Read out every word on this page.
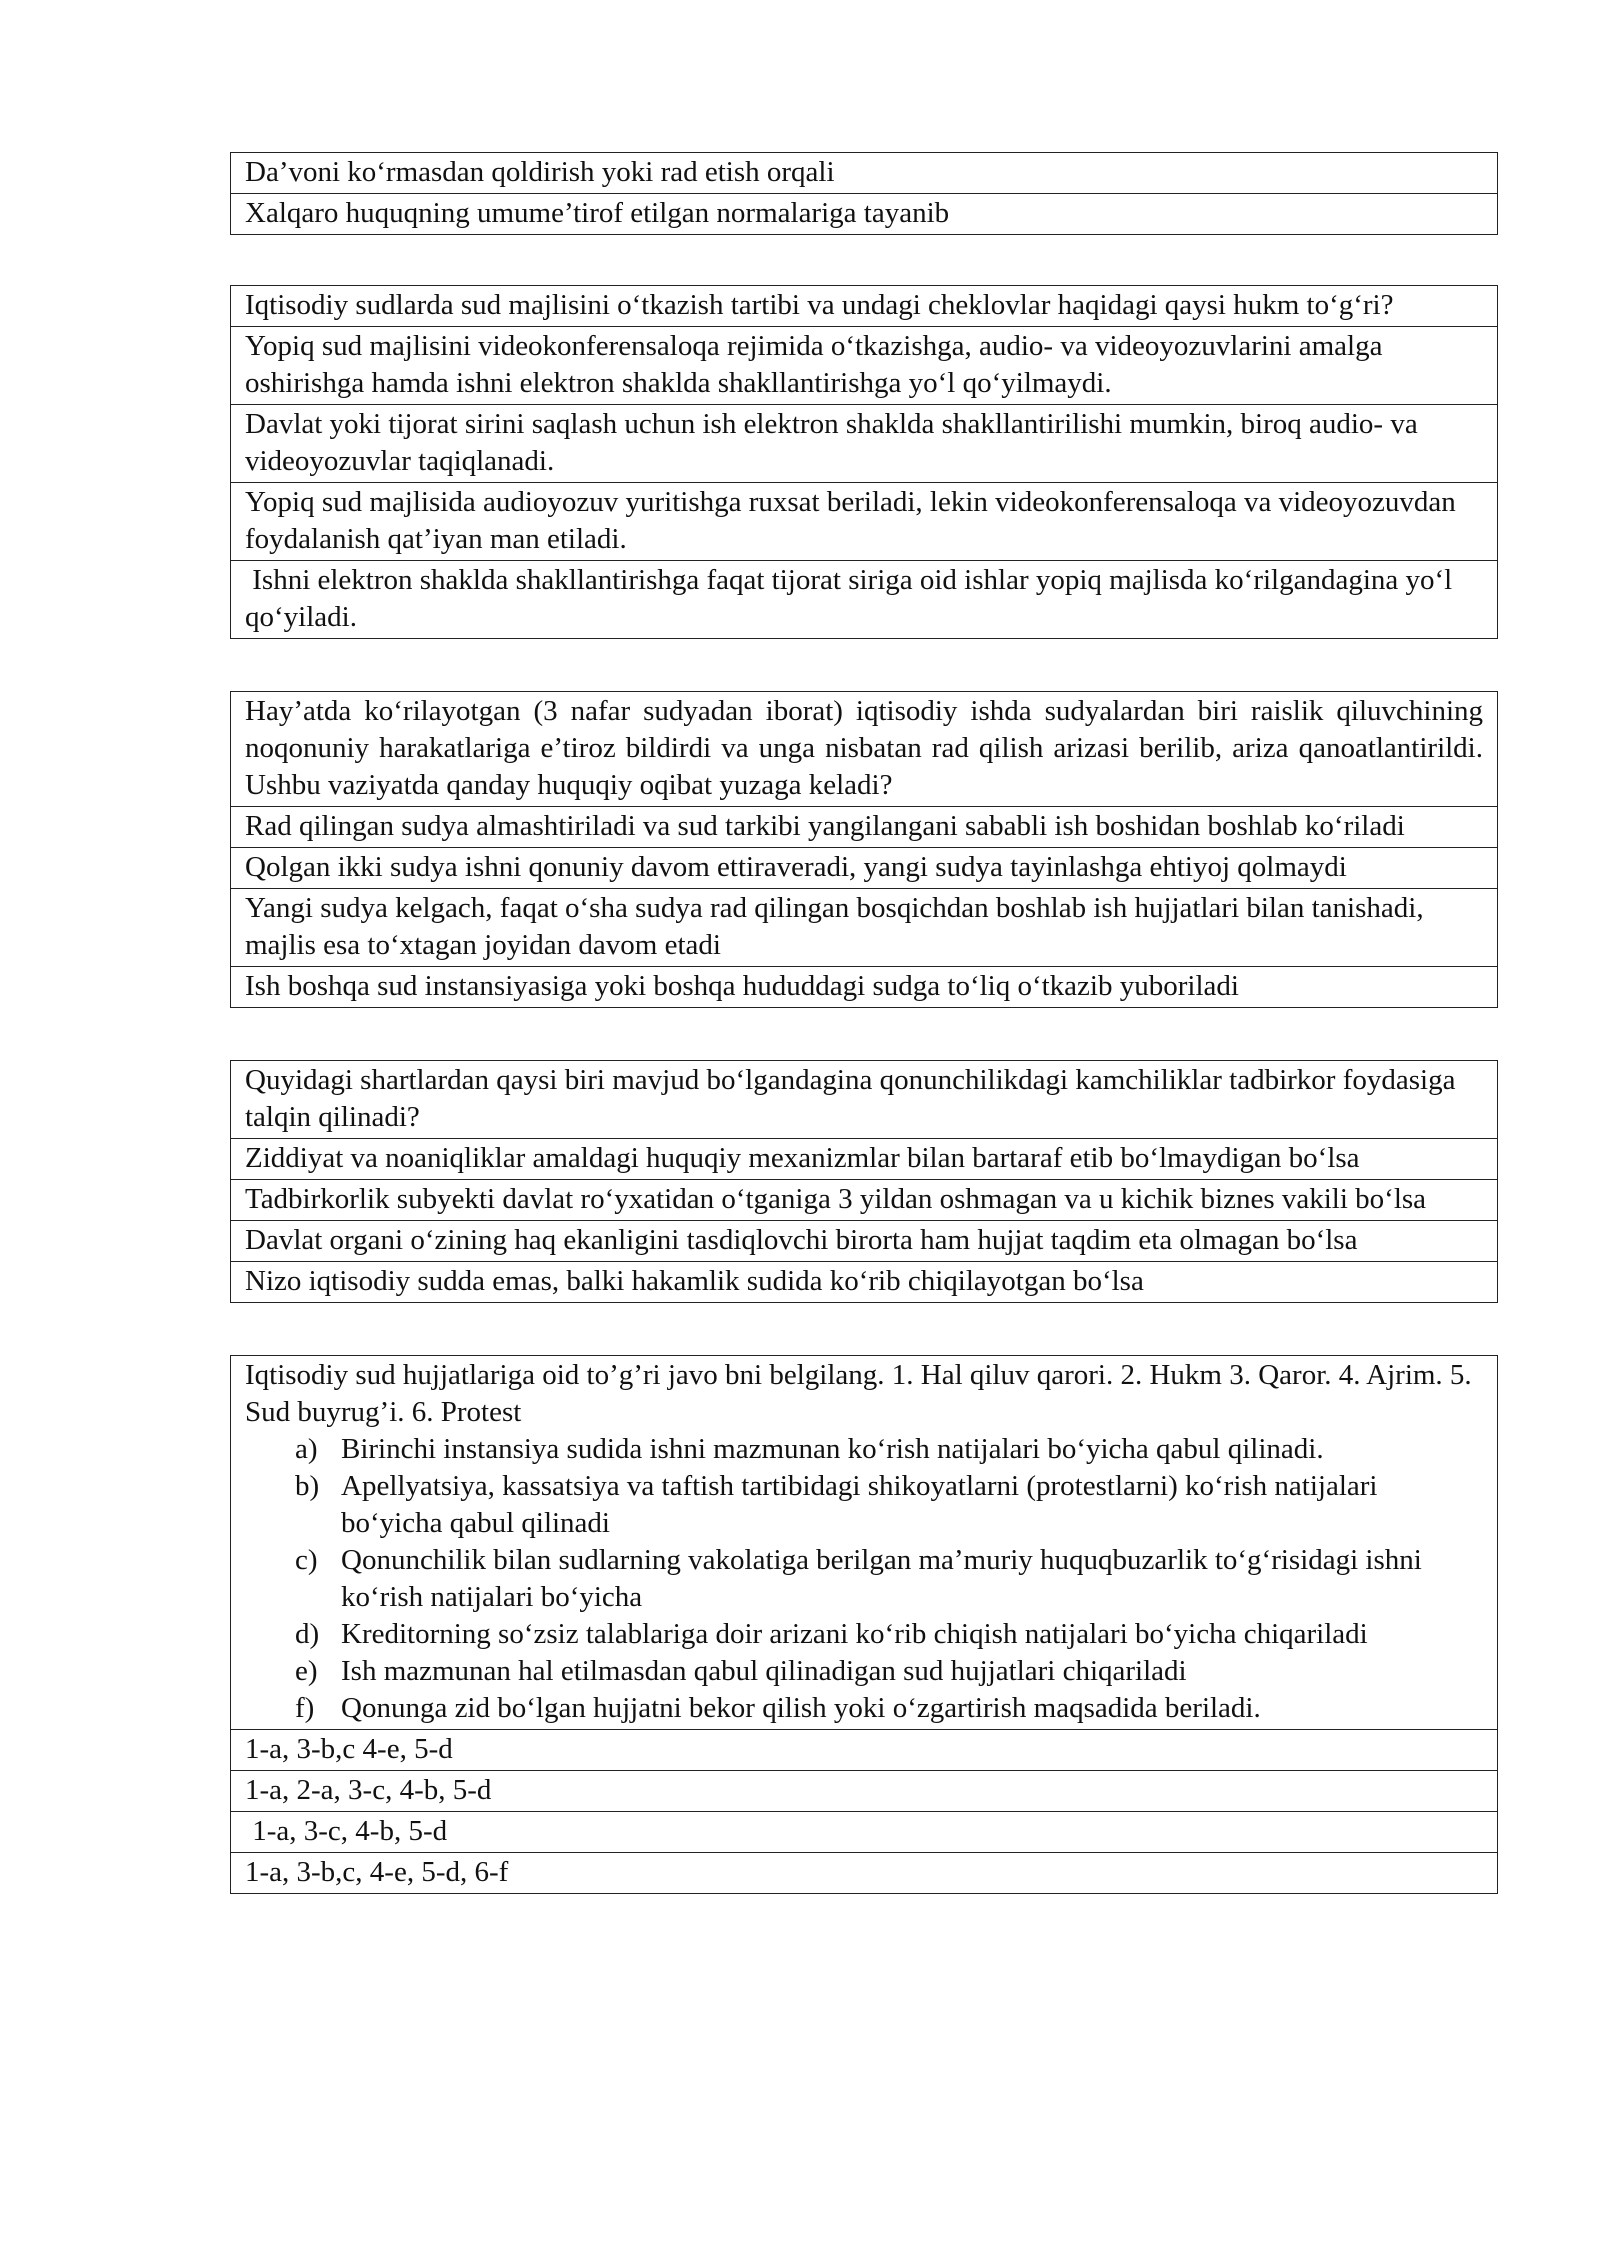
Da’voni ko‘rmasdan qoldirish yoki rad etish orqali
Xalqaro huquqning umume’tirof etilgan normalariga tayanib
Iqtisodiy sudlarda sud majlisini o‘tkazish tartibi va undagi cheklovlar haqidagi qaysi hukm to‘g‘ri?
Yopiq sud majlisini videokonferensaloqa rejimida o‘tkazishga, audio- va videoyozuvlarini amalga oshirishga hamda ishni elektron shaklda shakllantirishga yo‘l qo‘yilmaydi.
Davlat yoki tijorat sirini saqlash uchun ish elektron shaklda shakllantirilishi mumkin, biroq audio- va videoyozuvlar taqiqlanadi.
Yopiq sud majlisida audioyozuv yuritishga ruxsat beriladi, lekin videokonferensaloqa va videoyozuvdan foydalanish qat’iyan man etiladi.
Ishni elektron shaklda shakllantirishga faqat tijorat siriga oid ishlar yopiq majlisda ko‘rilgandagina yo‘l qo‘yiladi.
Hay’atda ko‘rilayotgan (3 nafar sudyadan iborat) iqtisodiy ishda sudyalardan biri raislik qiluvchining noqonuniy harakatlariga e’tiroz bildirdi va unga nisbatan rad qilish arizasi berilib, ariza qanoatlantirildi. Ushbu vaziyatda qanday huquqiy oqibat yuzaga keladi?
Rad qilingan sudya almashtiriladi va sud tarkibi yangilangani sababli ish boshidan boshlab ko‘riladi
Qolgan ikki sudya ishni qonuniy davom ettiraveradi, yangi sudya tayinlashga ehtiyoj qolmaydi
Yangi sudya kelgach, faqat o‘sha sudya rad qilingan bosqichdan boshlab ish hujjatlari bilan tanishadi, majlis esa to‘xtagan joyidan davom etadi
Ish boshqa sud instansiyasiga yoki boshqa hududdagi sudga to‘liq o‘tkazib yuboriladi
Quyidagi shartlardan qaysi biri mavjud bo‘lgandagina qonunchilikdagi kamchiliklar tadbirkor foydasiga talqin qilinadi?
Ziddiyat va noaniqliklar amaldagi huquqiy mexanizmlar bilan bartaraf etib bo‘lmaydigan bo‘lsa
Tadbirkorlik subyekti davlat ro‘yxatidan o‘tganiga 3 yildan oshmagan va u kichik biznes vakili bo‘lsa
Davlat organi o‘zining haq ekanligini tasdiqlovchi birorta ham hujjat taqdim eta olmagan bo‘lsa
Nizo iqtisodiy sudda emas, balki hakamlik sudida ko‘rib chiqilayotgan bo‘lsa
Iqtisodiy sud hujjatlariga oid to’g’ri javo bni belgilang. 1. Hal qiluv qarori. 2. Hukm 3. Qaror. 4. Ajrim. 5. Sud buyrug’i. 6. Protest
a) Birinchi instansiya sudida ishni mazmunan ko‘rish natijalari bo‘yicha qabul qilinadi.
b) Apellyatsiya, kassatsiya va taftish tartibidagi shikoyatlarni (protestlarni) ko‘rish natijalari bo‘yicha qabul qilinadi
c) Qonunchilik bilan sudlarning vakolatiga berilgan ma’muriy huquqbuzarlik to‘g‘risidagi ishni ko‘rish natijalari bo‘yicha
d) Kreditorning so‘zsiz talablariga doir arizani ko‘rib chiqish natijalari bo‘yicha chiqariladi
e) Ish mazmunan hal etilmasdan qabul qilinadigan sud hujjatlari chiqariladi
f) Qonunga zid bo‘lgan hujjatni bekor qilish yoki o‘zgartirish maqsadida beriladi.

1-a, 3-b,c 4-e, 5-d
1-a, 2-a, 3-c, 4-b, 5-d
1-a, 3-c, 4-b, 5-d
1-a, 3-b,c, 4-e, 5-d, 6-f
